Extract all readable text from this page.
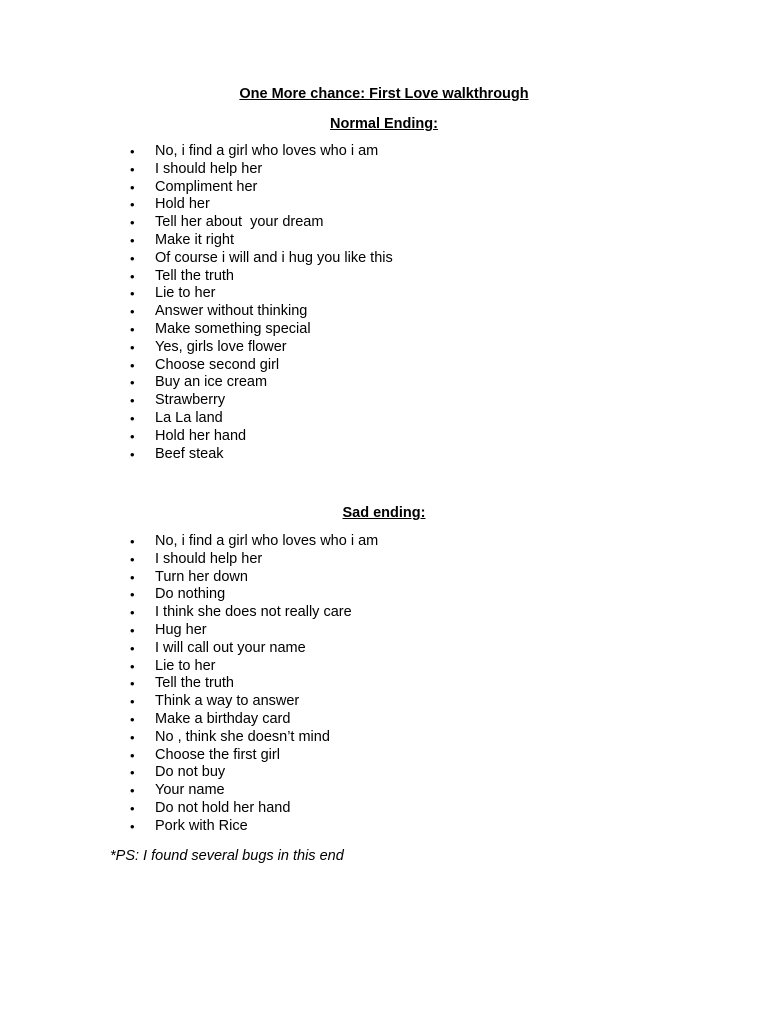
One More chance: First Love walkthrough
Normal Ending:
• No, i find a girl who loves who i am
• I should help her
• Compliment her
• Hold her
• Tell her about  your dream
• Make it right
• Of course i will and i hug you like this
• Tell the truth
• Lie to her
• Answer without thinking
• Make something special
• Yes, girls love flower
• Choose second girl
• Buy an ice cream
• Strawberry
• La La land
• Hold her hand
• Beef steak
Sad ending:
• No, i find a girl who loves who i am
• I should help her
• Turn her down
• Do nothing
• I think she does not really care
• Hug her
• I will call out your name
• Lie to her
• Tell the truth
• Think a way to answer
• Make a birthday card
• No , think she doesn’t mind
• Choose the first girl
• Do not buy
• Your name
• Do not hold her hand
• Pork with Rice

*PS: I found several bugs in this end
